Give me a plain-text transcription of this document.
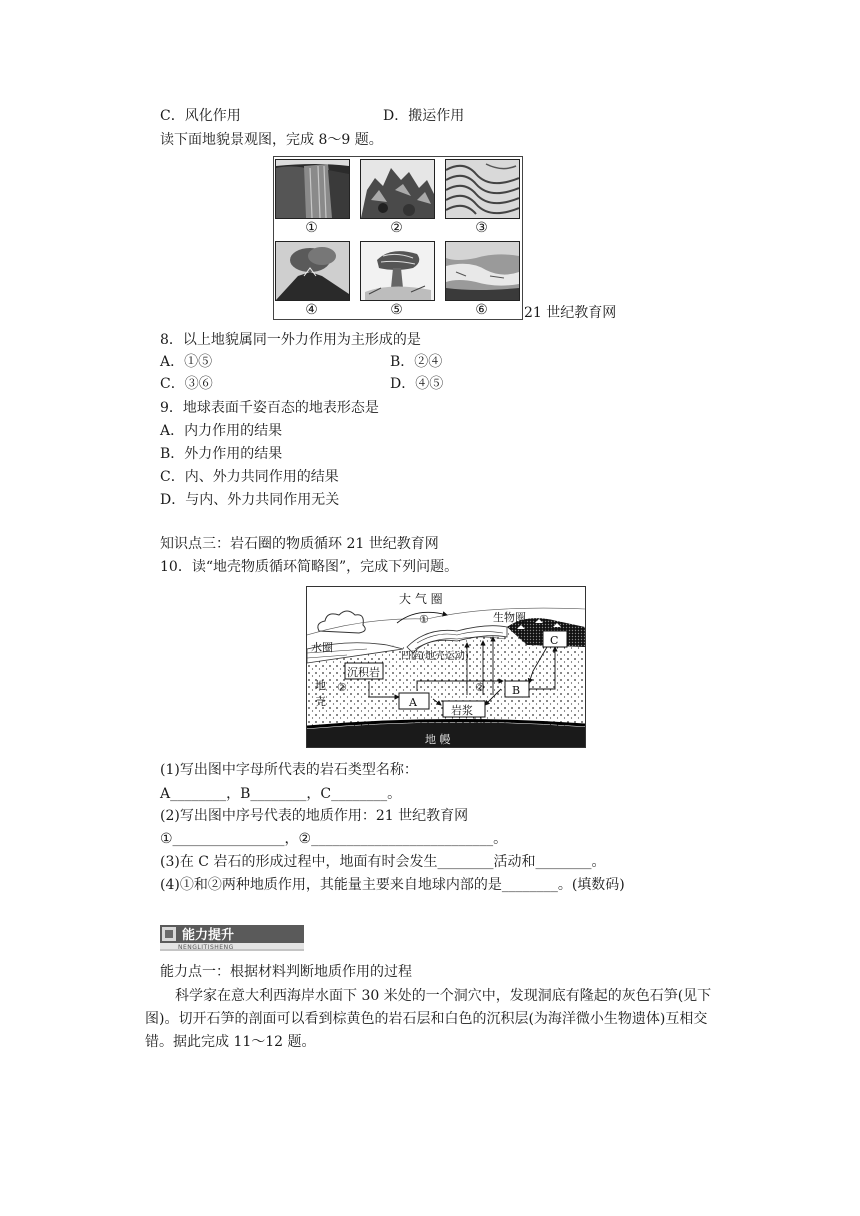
C．风化作用	D．搬运作用
读下面地貌景观图，完成 8～9 题。
①	②	③
④	⑤	⑥	21 世纪教育网
8．以上地貌属同一外力作用为主形成的是
A．①⑤	B．②④
C．③⑥	D．④⑤
9．地球表面千姿百态的地表形态是
A．内力作用的结果
B．外力作用的结果
C．内、外力共同作用的结果
D．与内、外力共同作用无关
知识点三：岩石圈的物质循环 21 世纪教育网
10．读“地壳物质循环简略图”，完成下列问题。
大 气 圈
生物圈
①
水圈
地
壳
凹陷(地壳运动)
沉积岩
②	②
A
岩浆
B
C
地 幔
(1)写出图中字母所代表的岩石类型名称：
A________，B________，C________。
(2)写出图中序号代表的地质作用：21 世纪教育网
①________________，②__________________________。
(3)在 C 岩石的形成过程中，地面有时会发生________活动和________。
(4)①和②两种地质作用，其能量主要来自地球内部的是________。(填数码)
能力提升
NENGLITISHENG
能力点一：根据材料判断地质作用的过程
科学家在意大利西海岸水面下 30 米处的一个洞穴中，发现洞底有隆起的灰色石笋(见下
图)。切开石笋的剖面可以看到棕黄色的岩石层和白色的沉积层(为海洋微小生物遗体)互相交
错。据此完成 11～12 题。
